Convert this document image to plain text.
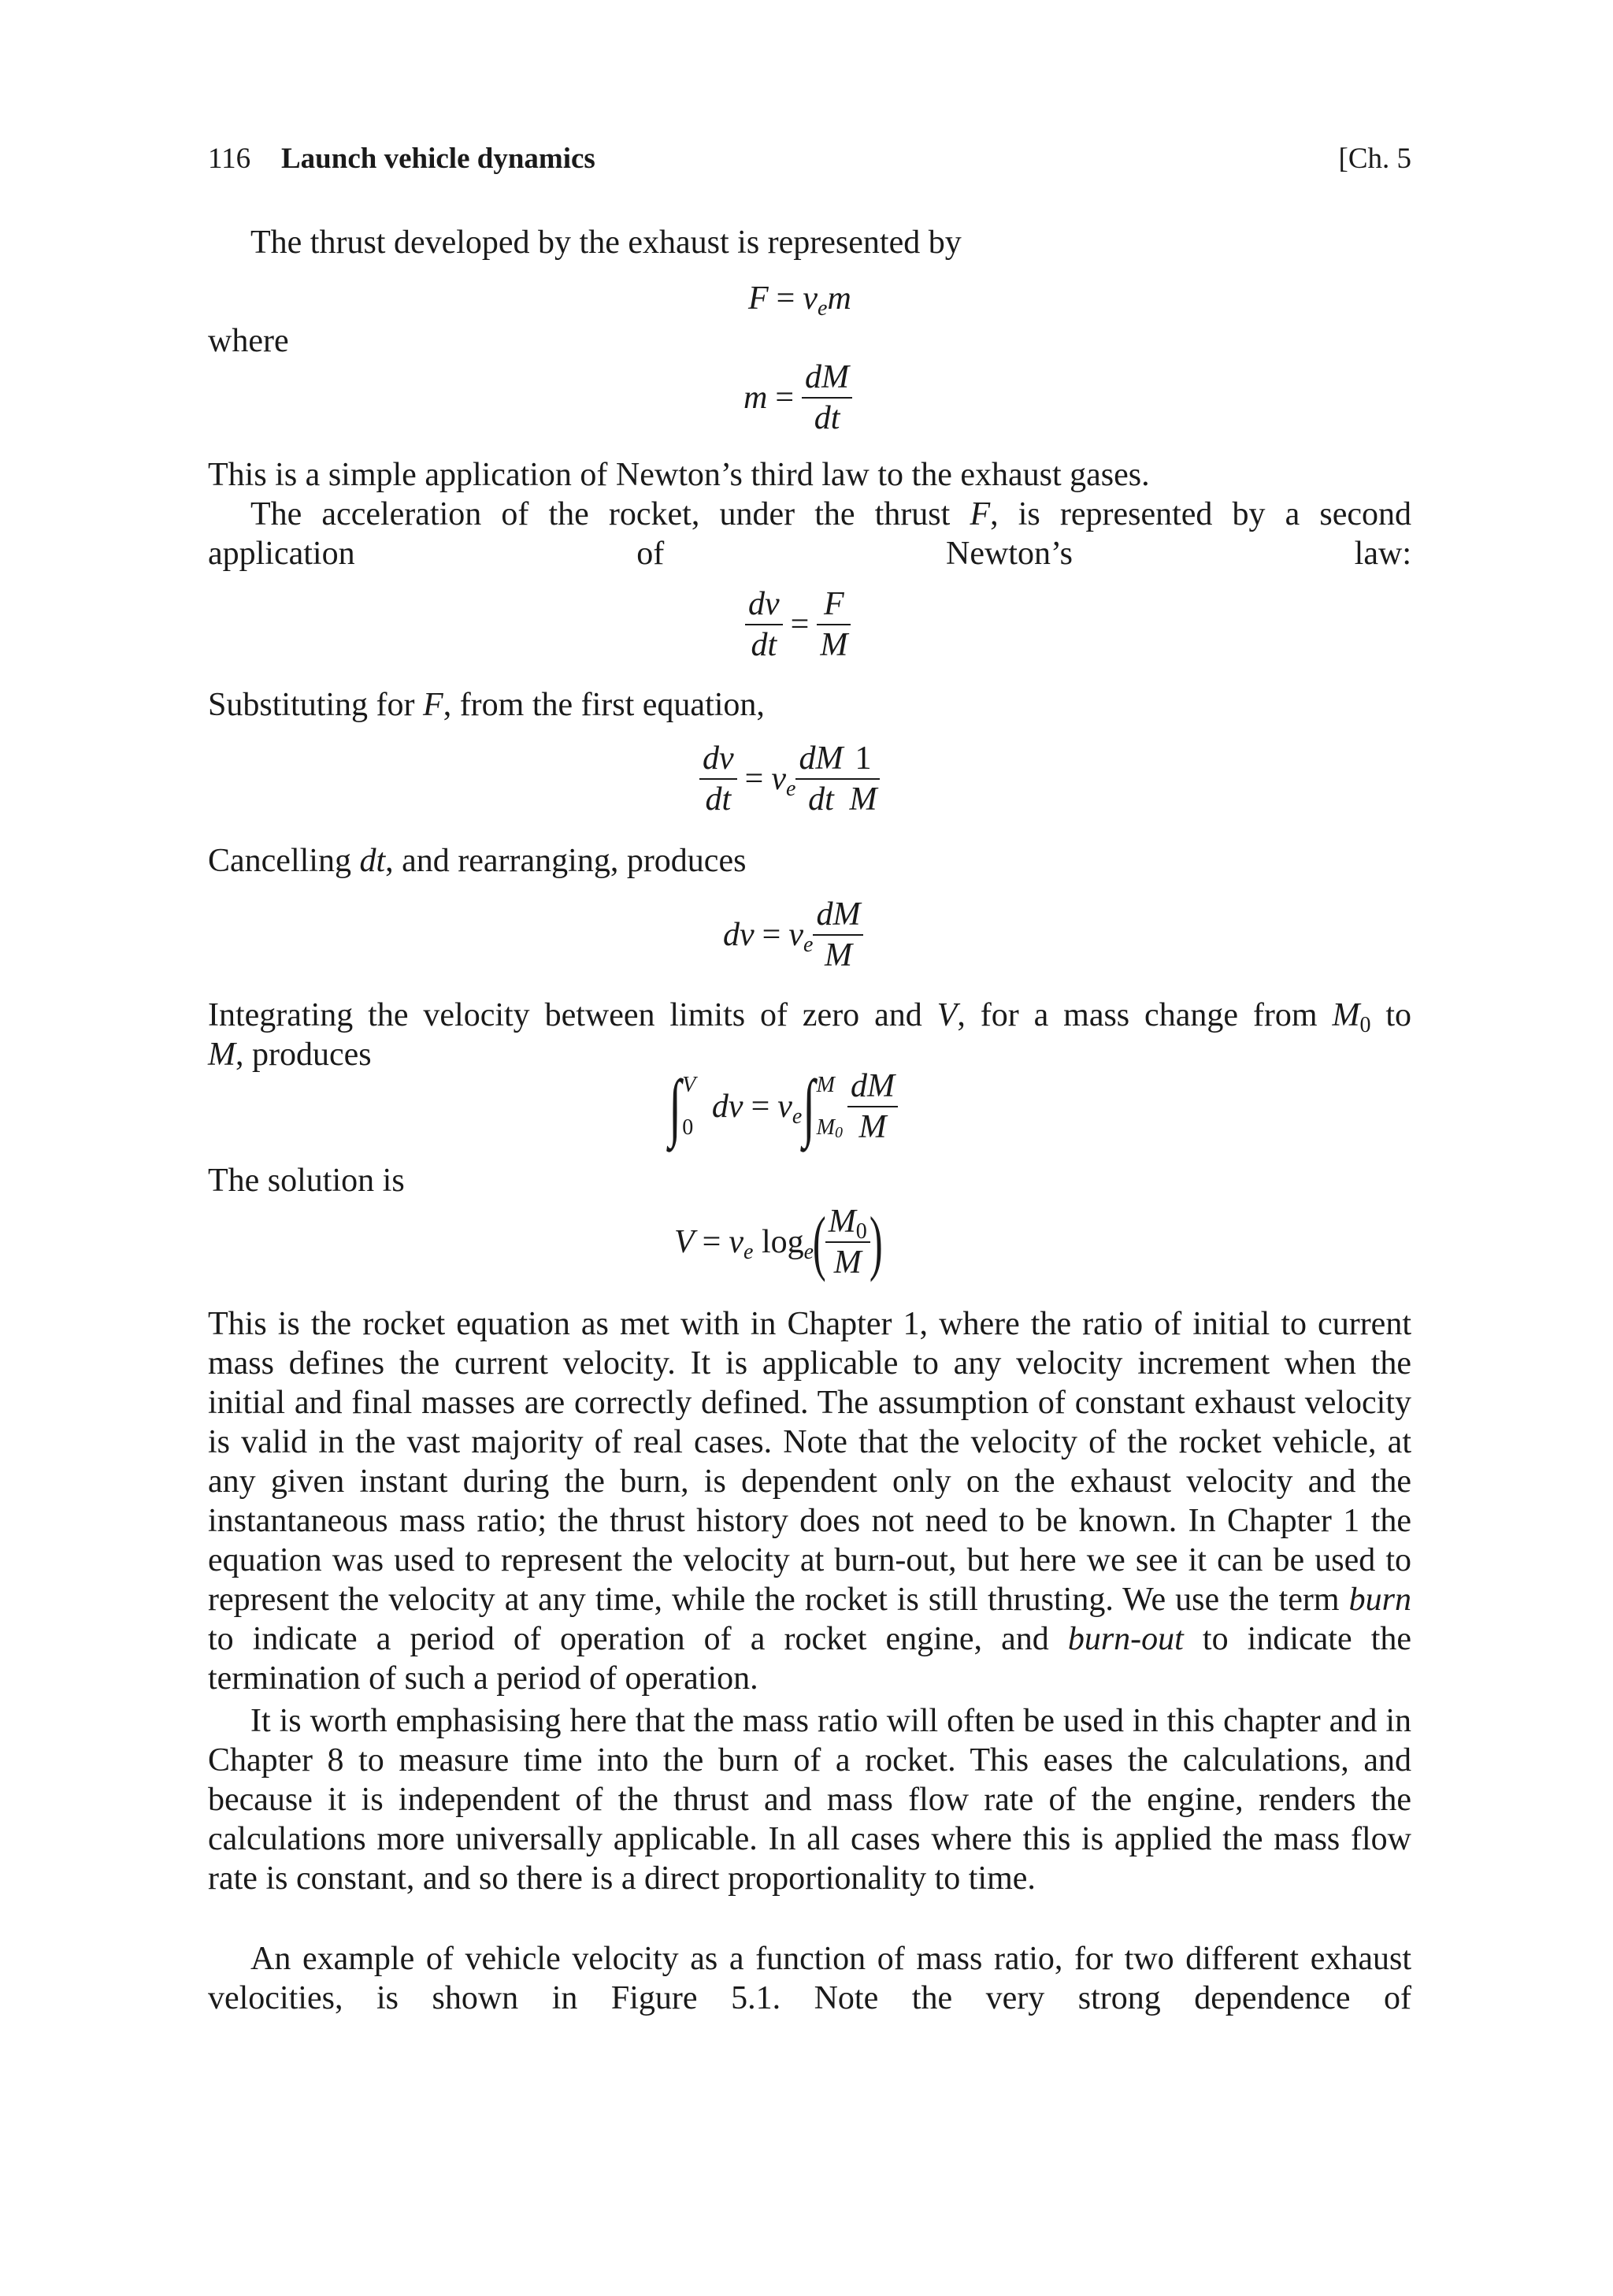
116 Launch vehicle dynamics	[Ch. 5
The thrust developed by the exhaust is represented by
$F = v_em$
where
$m = \frac{dM}{dt}$
This is a simple application of Newton’s third law to the exhaust gases.
The acceleration of the rocket, under the thrust F, is represented by a second application of Newton’s law:
$\frac{dv}{dt} = \frac{F}{M}$
Substituting for F, from the first equation,
$\frac{dv}{dt} = v_e \frac{dM}{dt} \frac{1}{M}$
Cancelling dt, and rearranging, produces
dv = $v_e \frac{dM}{M}$
Integrating the velocity between limits of zero and V, for a mass change from $M_0$ to
M, produces
∫ V
0
dv = $v_e\int$ M
$M_0 \frac{dM}{M}$
The solution is
$V = v_e$ $\log_e$(
$\frac{M_0}{M}$
)
This is the rocket equation as met with in Chapter 1, where the ratio of initial to current mass defines the current velocity. It is applicable to any velocity increment when the initial and final masses are correctly defined. The assumption of constant exhaust velocity is valid in the vast majority of real cases. Note that the velocity of the rocket vehicle, at any given instant during the burn, is dependent only on the exhaust velocity and the instantaneous mass ratio; the thrust history does not need to be known. In Chapter 1 the equation was used to represent the velocity at burn-out, but here we see it can be used to represent the velocity at any time, while the rocket is still thrusting. We use the term burn to indicate a period of operation of a rocket engine, and burn-out to indicate the termination of such a period of operation.
It is worth emphasising here that the mass ratio will often be used in this chapter and in Chapter 8 to measure time into the burn of a rocket. This eases the calculations, and because it is independent of the thrust and mass flow rate of the engine, renders the calculations more universally applicable. In all cases where this is applied the mass flow rate is constant, and so there is a direct proportionality to time.
An example of vehicle velocity as a function of mass ratio, for two different exhaust velocities, is shown in Figure 5.1. Note the very strong dependence of
